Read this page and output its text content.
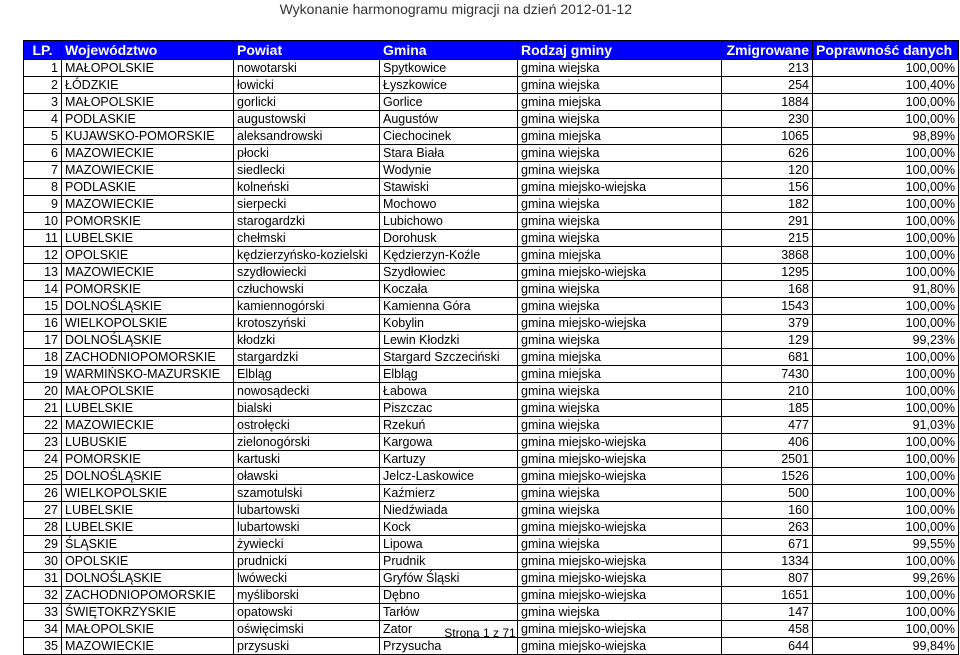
Wykonanie harmonogramu migracji na dzień 2012-01-12
LP.	Województwo	Powiat	Gmina	Rodzaj gminy	Zmigrowane	Poprawność danych
1	MAŁOPOLSKIE	nowotarski	Spytkowice	gmina wiejska	213	100,00%
2	ŁÓDZKIE	łowicki	Łyszkowice	gmina wiejska	254	100,40%
3	MAŁOPOLSKIE	gorlicki	Gorlice	gmina miejska	1884	100,00%
4	PODLASKIE	augustowski	Augustów	gmina wiejska	230	100,00%
5	KUJAWSKO-POMORSKIE	aleksandrowski	Ciechocinek	gmina miejska	1065	98,89%
6	MAZOWIECKIE	płocki	Stara Biała	gmina wiejska	626	100,00%
7	MAZOWIECKIE	siedlecki	Wodynie	gmina wiejska	120	100,00%
8	PODLASKIE	kolneński	Stawiski	gmina miejsko-wiejska	156	100,00%
9	MAZOWIECKIE	sierpecki	Mochowo	gmina wiejska	182	100,00%
10	POMORSKIE	starogardzki	Lubichowo	gmina wiejska	291	100,00%
11	LUBELSKIE	chełmski	Dorohusk	gmina wiejska	215	100,00%
12	OPOLSKIE	kędzierzyńsko-kozielski	Kędzierzyn-Koźle	gmina miejska	3868	100,00%
13	MAZOWIECKIE	szydłowiecki	Szydłowiec	gmina miejsko-wiejska	1295	100,00%
14	POMORSKIE	człuchowski	Koczała	gmina wiejska	168	91,80%
15	DOLNOŚLĄSKIE	kamiennogórski	Kamienna Góra	gmina wiejska	1543	100,00%
16	WIELKOPOLSKIE	krotoszyński	Kobylin	gmina miejsko-wiejska	379	100,00%
17	DOLNOŚLĄSKIE	kłodzki	Lewin Kłodzki	gmina wiejska	129	99,23%
18	ZACHODNIOPOMORSKIE	stargardzki	Stargard Szczeciński	gmina miejska	681	100,00%
19	WARMIŃSKO-MAZURSKIE	Elbląg	Elbląg	gmina miejska	7430	100,00%
20	MAŁOPOLSKIE	nowosądecki	Łabowa	gmina wiejska	210	100,00%
21	LUBELSKIE	bialski	Piszczac	gmina wiejska	185	100,00%
22	MAZOWIECKIE	ostrołęcki	Rzekuń	gmina wiejska	477	91,03%
23	LUBUSKIE	zielonogórski	Kargowa	gmina miejsko-wiejska	406	100,00%
24	POMORSKIE	kartuski	Kartuzy	gmina miejsko-wiejska	2501	100,00%
25	DOLNOŚLĄSKIE	oławski	Jelcz-Laskowice	gmina miejsko-wiejska	1526	100,00%
26	WIELKOPOLSKIE	szamotulski	Kaźmierz	gmina wiejska	500	100,00%
27	LUBELSKIE	lubartowski	Niedźwiada	gmina wiejska	160	100,00%
28	LUBELSKIE	lubartowski	Kock	gmina miejsko-wiejska	263	100,00%
29	ŚLĄSKIE	żywiecki	Lipowa	gmina wiejska	671	99,55%
30	OPOLSKIE	prudnicki	Prudnik	gmina miejsko-wiejska	1334	100,00%
31	DOLNOŚLĄSKIE	lwówecki	Gryfów Śląski	gmina miejsko-wiejska	807	99,26%
32	ZACHODNIOPOMORSKIE	myśliborski	Dębno	gmina miejsko-wiejska	1651	100,00%
33	ŚWIĘTOKRZYSKIE	opatowski	Tarłów	gmina wiejska	147	100,00%
34	MAŁOPOLSKIE	oświęcimski	Zator	gmina miejsko-wiejska	458	100,00%
35	MAZOWIECKIE	przysuski	Przysucha	gmina miejsko-wiejska	644	99,84%
Strona 1 z 71
